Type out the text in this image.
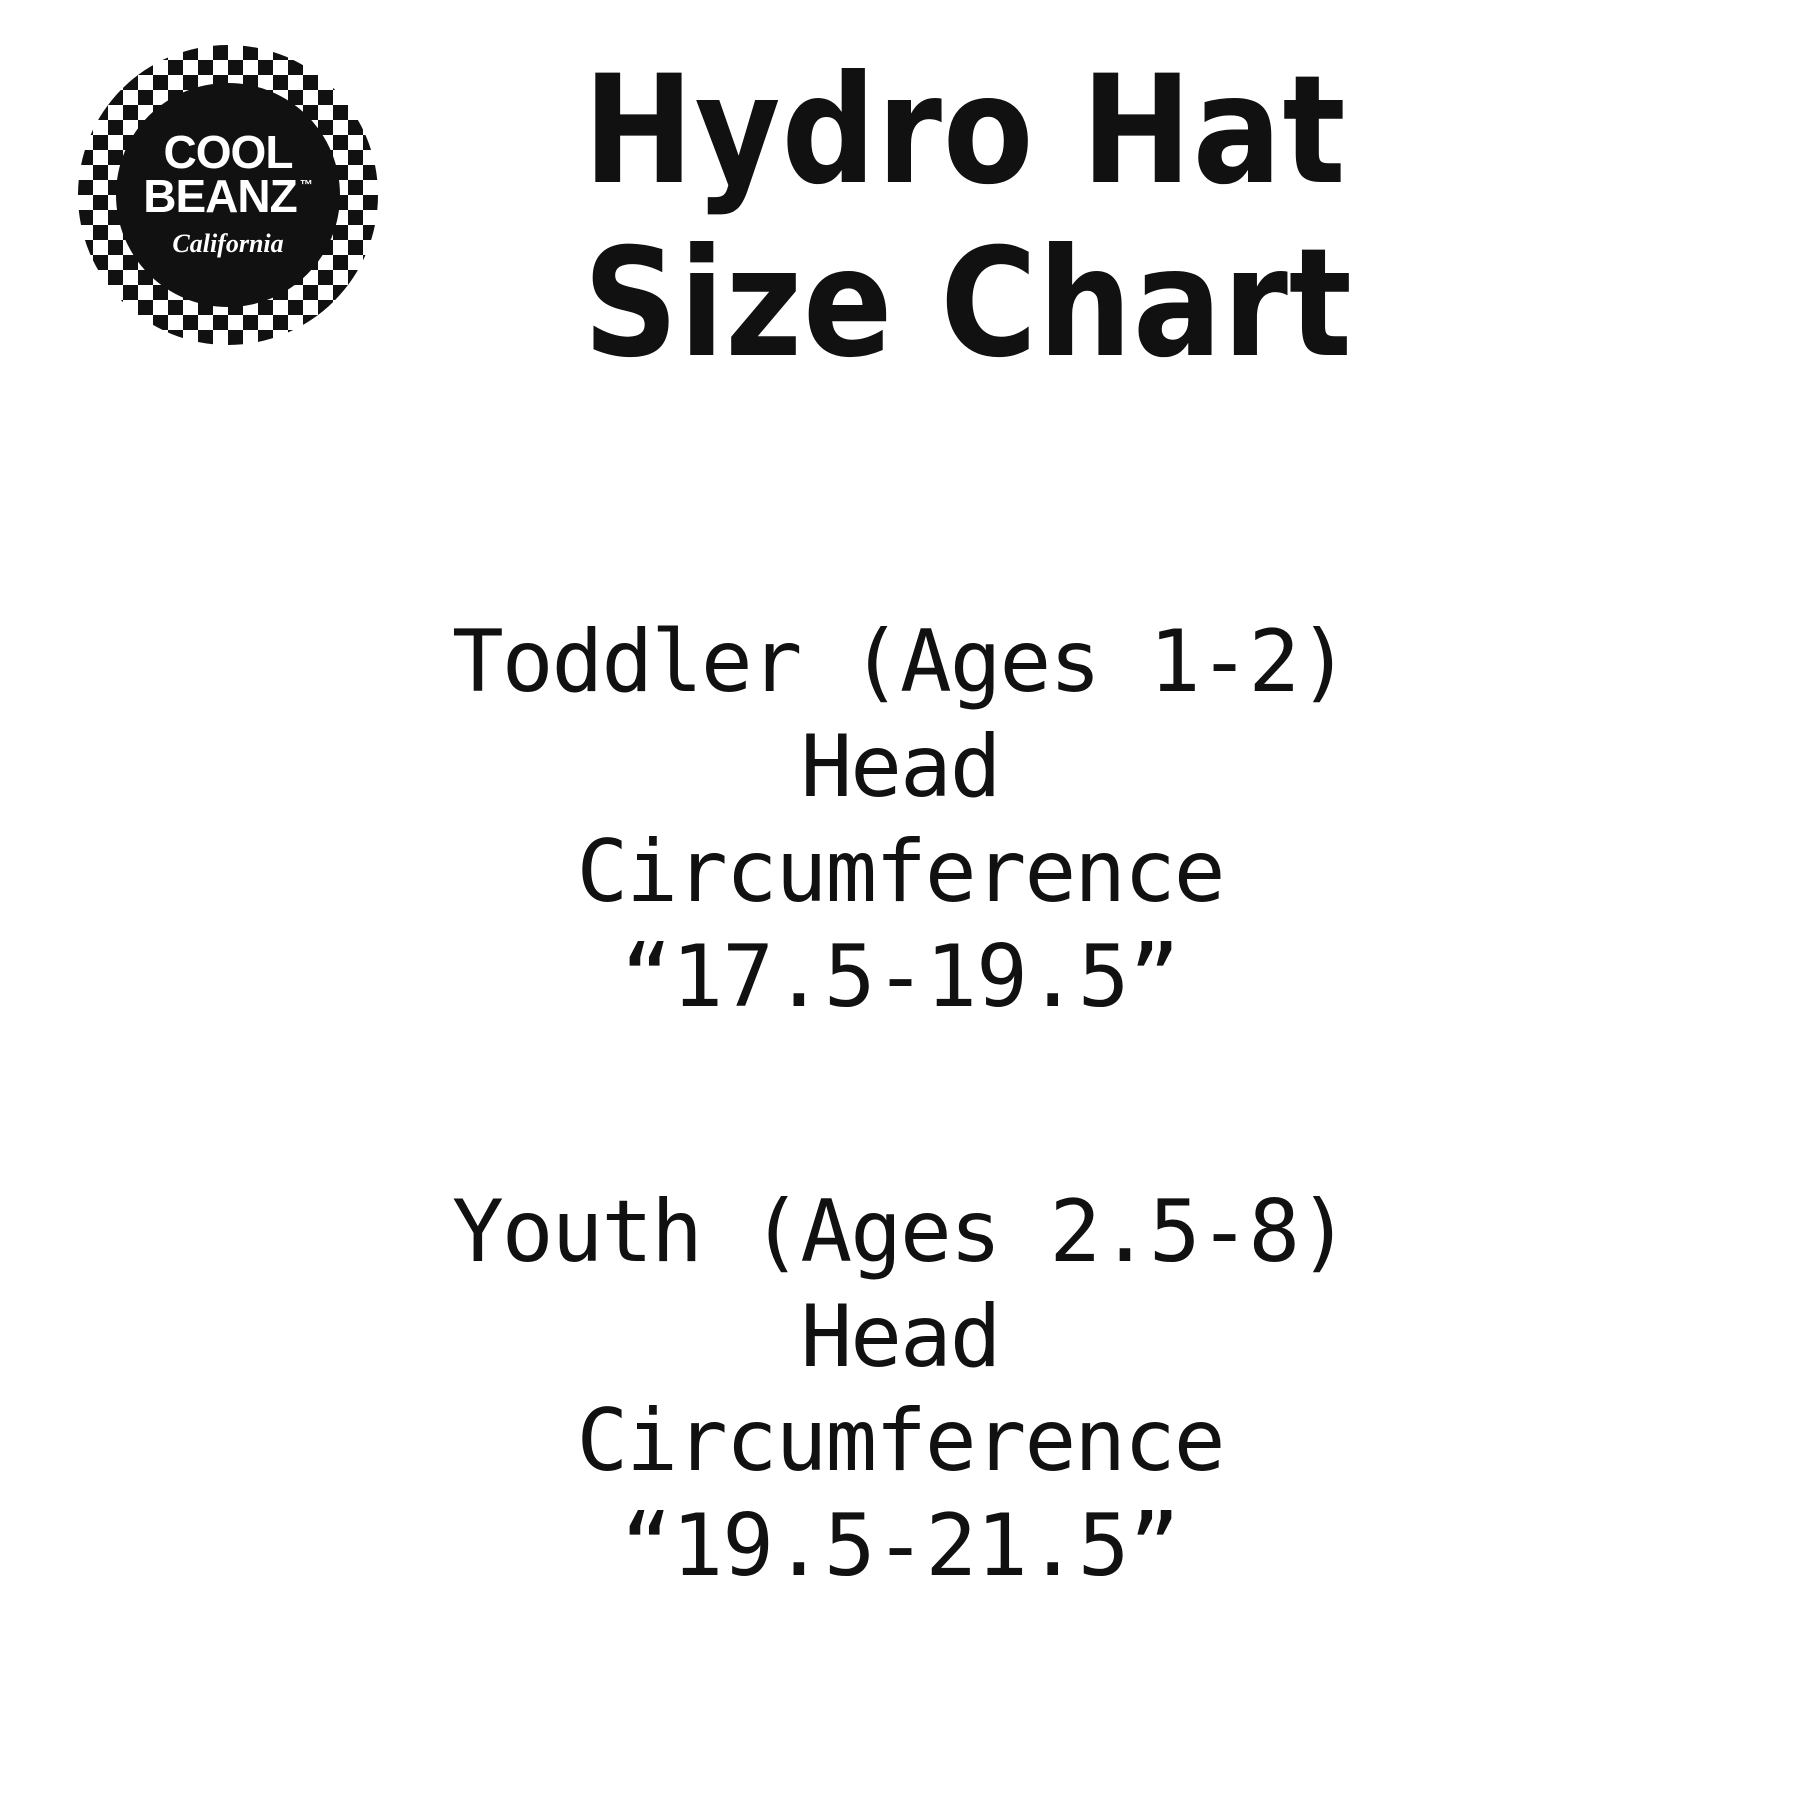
COOL
BEANZ ™
California
Hydro Hat
Size Chart
Toddler (Ages 1-2)
Head
Circumference
“17.5-19.5”
Youth (Ages 2.5-8)
Head
Circumference
“19.5-21.5”
